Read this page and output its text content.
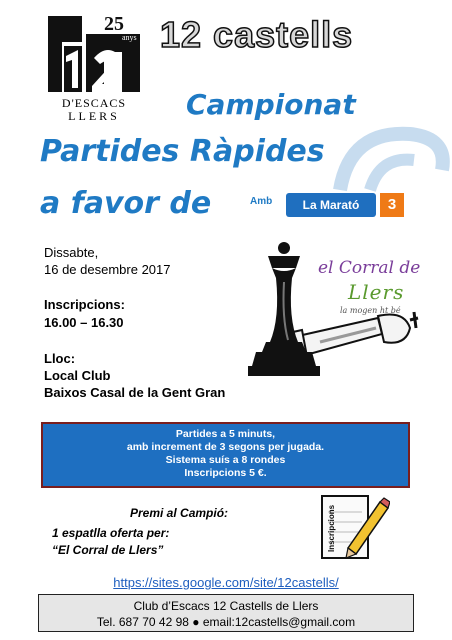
25
anys
D'ESCACS
LLERS
12 castells
Campionat
Partides Ràpides
a favor de	Amb	La Marató	3
Dissabte,
16 de desembre 2017
Inscripcions:
16.00 – 16.30
Lloc:
Local Club
Baixos Casal de la Gent Gran
el Corral de
Llers
la mogen ht bé
Partides a 5 minuts,
amb increment de 3 segons per jugada.
Sistema suís a 8 rondes
Inscripcions 5 €.
Premi al Campió:
1 espatlla oferta per:
“El Corral de Llers”	Inscripcions
https://sites.google.com/site/12castells/
Club d’Escacs 12 Castells de Llers
Tel. 687 70 42 98 ● email:12castells@gmail.com
